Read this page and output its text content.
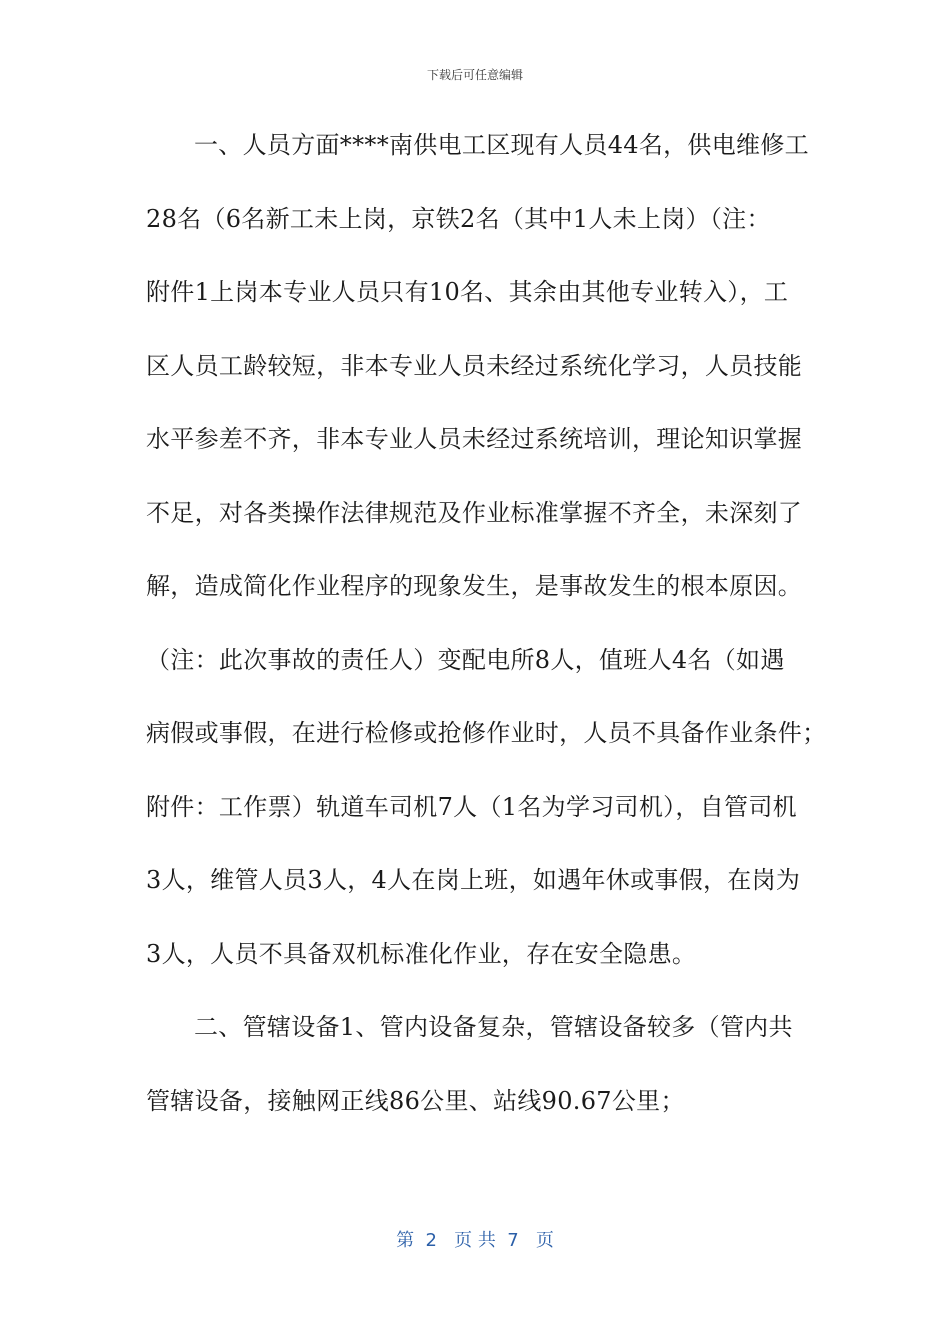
下载后可任意编辑
一、人员方面****南供电工区现有人员44名，供电维修工
28名（6名新工未上岗，京铁2名（其中1人未上岗）（注：
附件1上岗本专业人员只有10名、其余由其他专业转入），工
区人员工龄较短，非本专业人员未经过系统化学习，人员技能
水平参差不齐，非本专业人员未经过系统培训，理论知识掌握
不足，对各类操作法律规范及作业标准掌握不齐全，未深刻了
解，造成简化作业程序的现象发生，是事故发生的根本原因。
（注：此次事故的责任人）变配电所8人，值班人4名（如遇
病假或事假，在进行检修或抢修作业时，人员不具备作业条件；
附件：工作票）轨道车司机7人（1名为学习司机），自管司机
3人，维管人员3人，4人在岗上班，如遇年休或事假，在岗为
3人，人员不具备双机标准化作业，存在安全隐患。
二、管辖设备1、管内设备复杂，管辖设备较多（管内共
管辖设备，接触网正线86公里、站线90.67公里；
第  2   页 共  7   页
